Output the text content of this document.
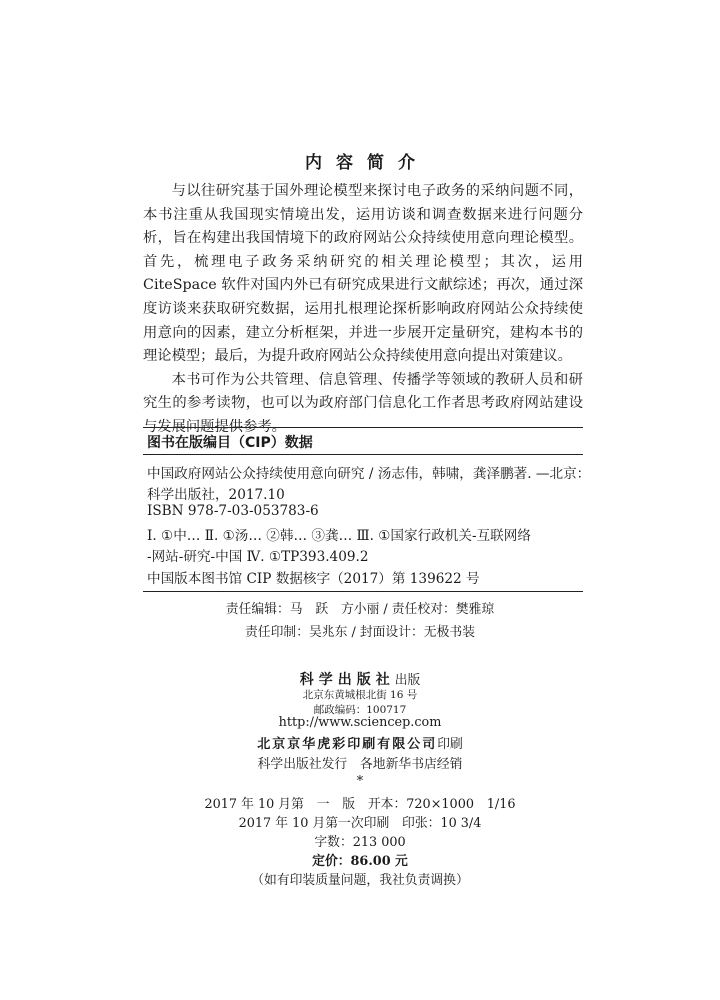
内容简介

与以往研究基于国外理论模型来探讨电子政务的采纳问题不同，本书注重从我国现实情境出发，运用访谈和调查数据来进行问题分析，旨在构建出我国情境下的政府网站公众持续使用意向理论模型。首先，梳理电子政务采纳研究的相关理论模型；其次，运用 CiteSpace 软件对国内外已有研究成果进行文献综述；再次，通过深度访谈来获取研究数据，运用扎根理论探析影响政府网站公众持续使用意向的因素，建立分析框架，并进一步展开定量研究，建构本书的理论模型；最后，为提升政府网站公众持续使用意向提出对策建议。

本书可作为公共管理、信息管理、传播学等领域的教研人员和研究生的参考读物，也可以为政府部门信息化工作者思考政府网站建设与发展问题提供参考。

图书在版编目（CIP）数据
中国政府网站公众持续使用意向研究 / 汤志伟，韩啸，龚泽鹏著. —北京：
科学出版社，2017.10
ISBN 978-7-03-053783-6
Ⅰ. ①中… Ⅱ. ①汤… ②韩… ③龚… Ⅲ. ①国家行政机关-互联网络
-网站-研究-中国 Ⅳ. ①TP393.409.2
中国版本图书馆 CIP 数据核字（2017）第 139622 号
责任编辑：马　跃　方小丽 / 责任校对：樊雅琼
责任印制：吴兆东 / 封面设计：无极书装
科学出版社出版
北京东黄城根北街 16 号
邮政编码：100717
http://www.sciencep.com
北京京华虎彩印刷有限公司印刷
科学出版社发行　各地新华书店经销
*
2017 年 10 月第　一　版　开本：720×1000　1/16
2017 年 10 月第一次印刷　印张：10 3/4
字数：213 000
定价：86.00 元
（如有印装质量问题，我社负责调换）
